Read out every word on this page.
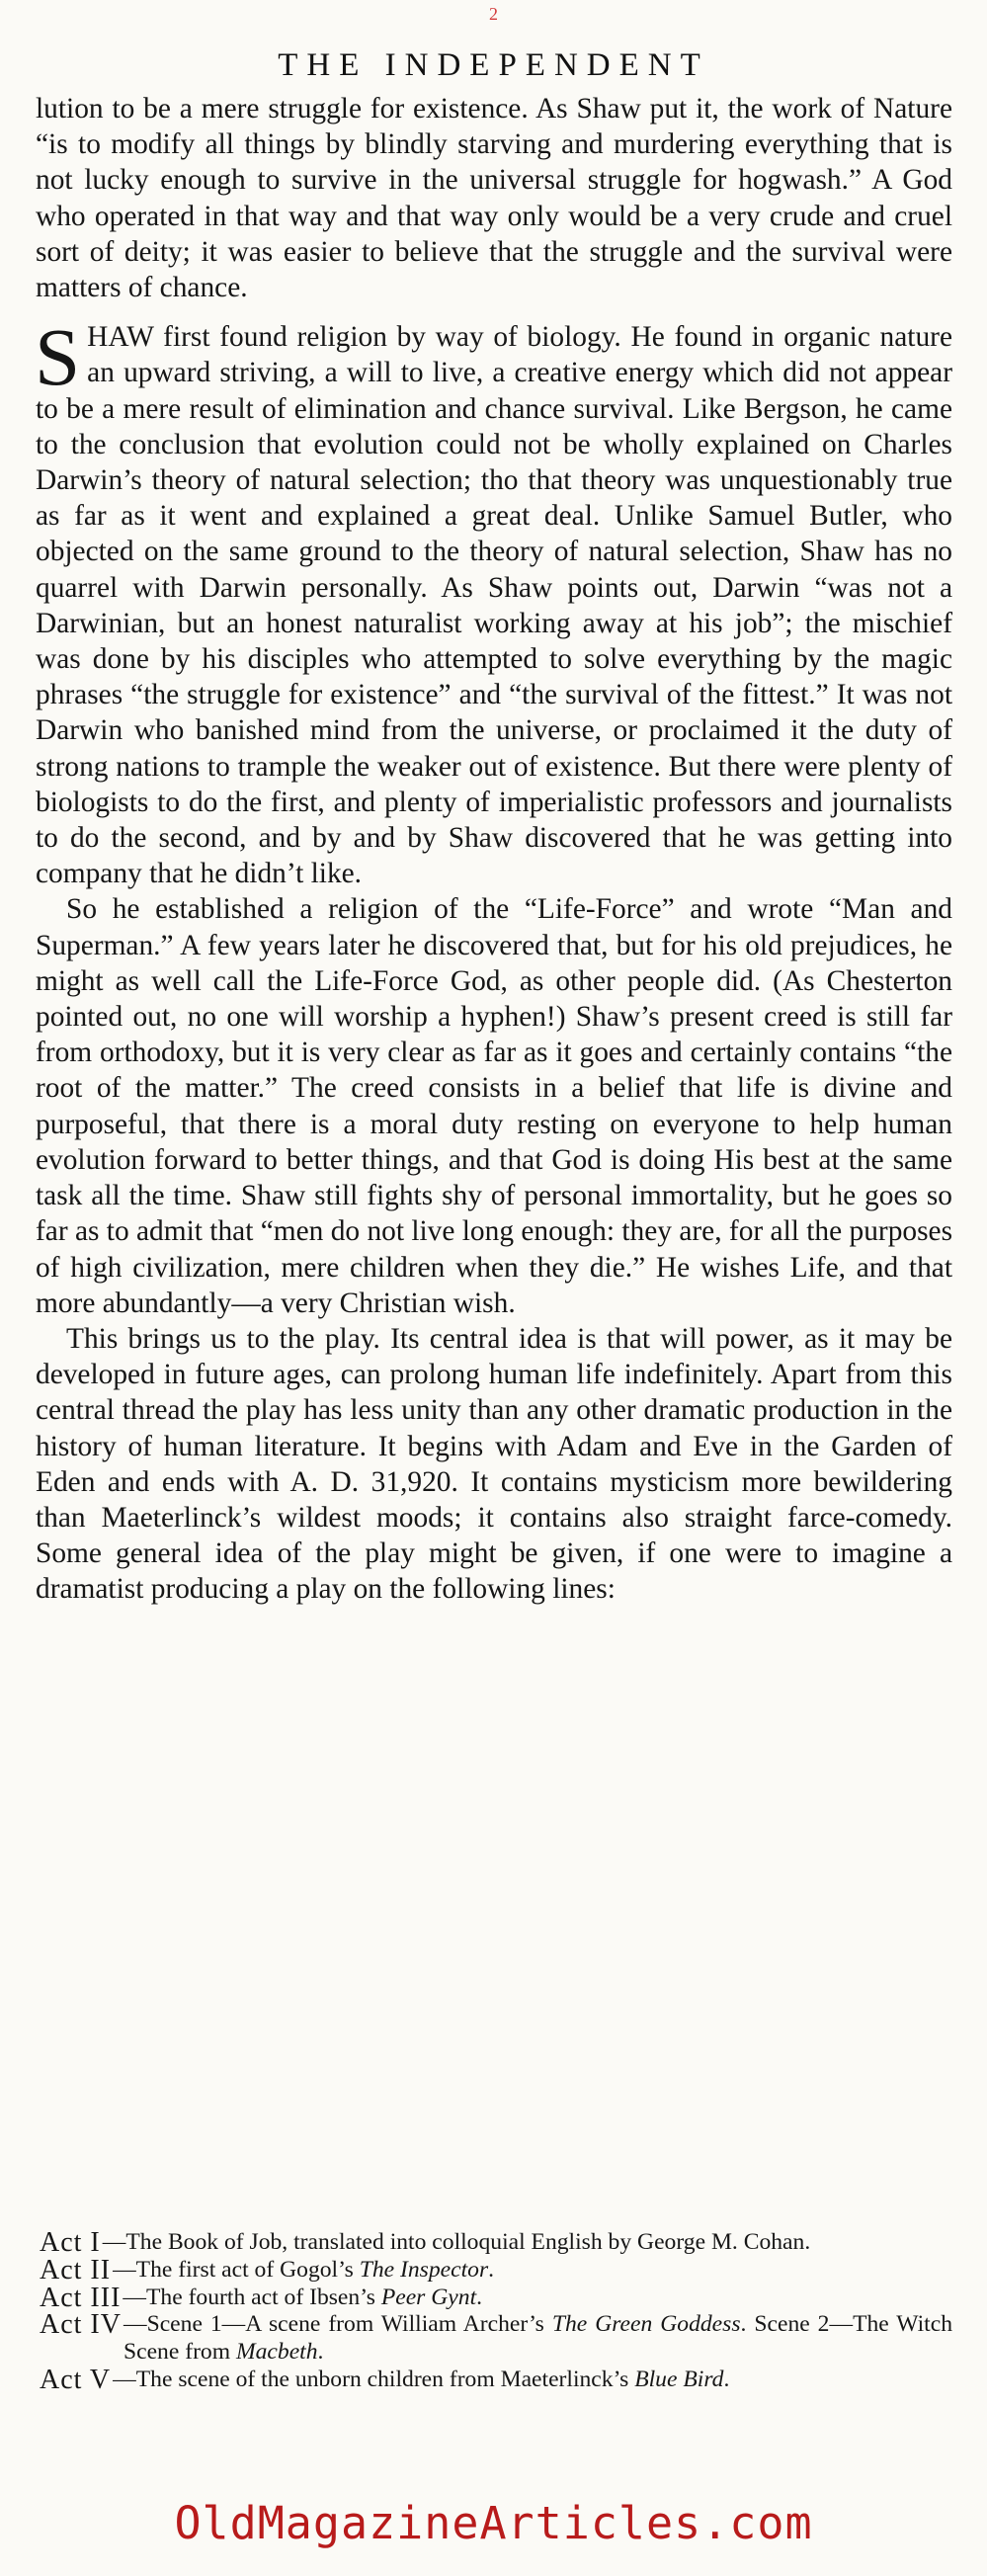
2
THE INDEPENDENT

lution to be a mere struggle for existence. As Shaw put it, the work of Nature “is to modify all things by blindly starving and murdering everything that is not lucky enough to survive in the universal struggle for hogwash.” A God who operated in that way and that way only would be a very crude and cruel sort of deity; it was easier to believe that the struggle and the survival were matters of chance.

SHAW first found religion by way of biology. He found in organic nature an upward striving, a will to live, a creative energy which did not appear to be a mere result of elimination and chance survival. Like Bergson, he came to the conclusion that evolution could not be wholly explained on Charles Darwin’s theory of natural selection; tho that theory was unquestionably true as far as it went and explained a great deal. Unlike Samuel Butler, who objected on the same ground to the theory of natural selection, Shaw has no quarrel with Darwin personally. As Shaw points out, Darwin “was not a Darwinian, but an honest naturalist working away at his job”; the mischief was done by his disciples who attempted to solve everything by the magic phrases “the struggle for existence” and “the survival of the fittest.” It was not Darwin who banished mind from the universe, or proclaimed it the duty of strong nations to trample the weaker out of existence. But there were plenty of biologists to do the first, and plenty of imperialistic professors and journalists to do the second, and by and by Shaw discovered that he was getting into company that he didn’t like.

So he established a religion of the “Life-Force” and wrote “Man and Superman.” A few years later he discovered that, but for his old prejudices, he might as well call the Life-Force God, as other people did. (As Chesterton pointed out, no one will worship a hyphen!) Shaw’s present creed is still far from orthodoxy, but it is very clear as far as it goes and certainly contains “the root of the matter.” The creed consists in a belief that life is divine and purposeful, that there is a moral duty resting on everyone to help human evolution forward to better things, and that God is doing His best at the same task all the time. Shaw still fights shy of personal immortality, but he goes so far as to admit that “men do not live long enough: they are, for all the purposes of high civilization, mere children when they die.” He wishes Life, and that more abundantly—a very Christian wish.

This brings us to the play. Its central idea is that will power, as it may be developed in future ages, can prolong human life indefinitely. Apart from this central thread the play has less unity than any other dramatic production in the history of human literature. It begins with Adam and Eve in the Garden of Eden and ends with A. D. 31,920. It contains mysticism more bewildering than Maeterlinck’s wildest moods; it contains also straight farce-comedy. Some general idea of the play might be given, if one were to imagine a dramatist producing a play on the following lines:

Act I —The Book of Job, translated into colloquial English by George M. Cohan.
Act II —The first act of Gogol’s The Inspector.
Act III —The fourth act of Ibsen’s Peer Gynt.
Act IV —Scene 1—A scene from William Archer’s The Green Goddess. Scene 2—The Witch Scene from Macbeth.
Act V —The scene of the unborn children from Maeterlinck’s Blue Bird.
OldMagazineArticles.com
